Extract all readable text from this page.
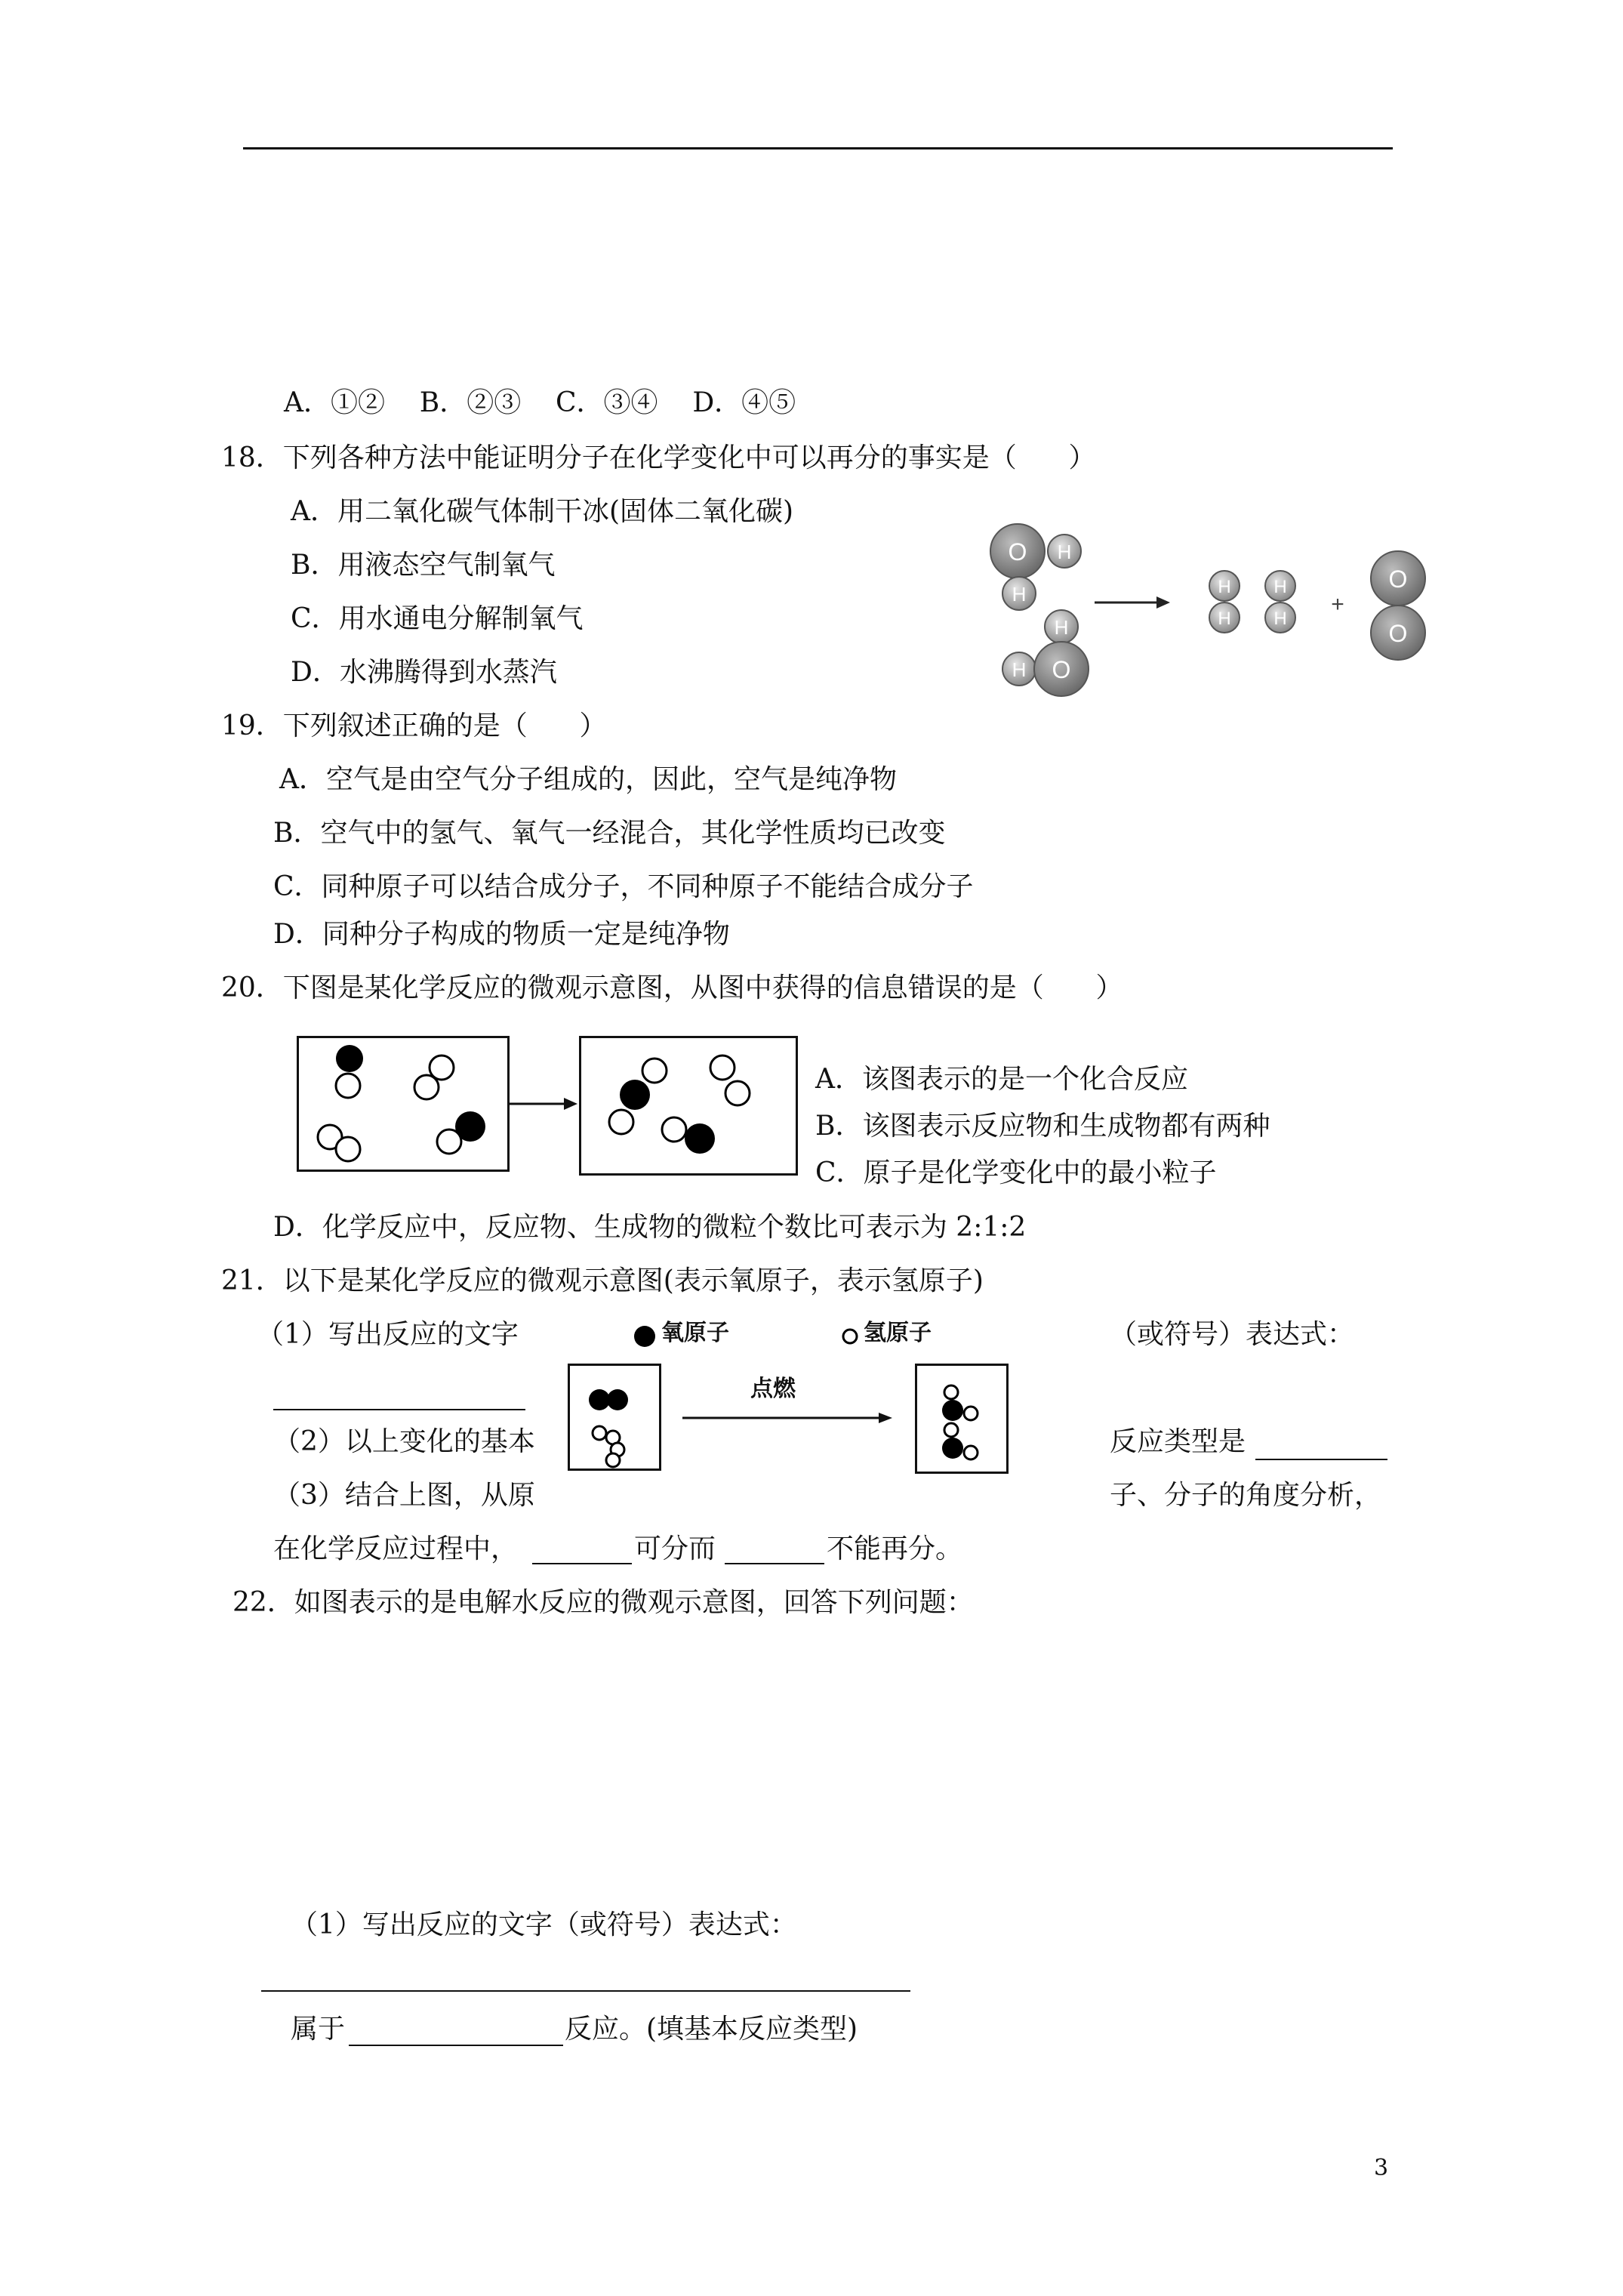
A．①②    B．②③    C．③④    D．④⑤
18．下列各种方法中能证明分子在化学变化中可以再分的事实是（      ）
A．用二氧化碳气体制干冰(固体二氧化碳)
B．用液态空气制氧气
C．用水通电分解制氧气
D．水沸腾得到水蒸汽
O H
H
H
H O
H
H
H
H
+
O
O
19．下列叙述正确的是（      ）
A．空气是由空气分子组成的，因此，空气是纯净物
B．空气中的氢气、氧气一经混合，其化学性质均已改变
C．同种原子可以结合成分子，不同种原子不能结合成分子
D．同种分子构成的物质一定是纯净物
20．下图是某化学反应的微观示意图，从图中获得的信息错误的是（      ）
A．该图表示的是一个化合反应
B．该图表示反应物和生成物都有两种
C．原子是化学变化中的最小粒子
D．化学反应中，反应物、生成物的微粒个数比可表示为 2:1:2
21．以下是某化学反应的微观示意图(表示氧原子，表示氢原子)
（1）写出反应的文字	（或符号）表达式：
（2）以上变化的基本	反应类型是
（3）结合上图，从原	子、分子的角度分析，
在化学反应过程中，	可分而	不能再分。
氧原子	氢原子
点燃
22．如图表示的是电解水反应的微观示意图，回答下列问题：
（1）写出反应的文字（或符号）表达式：
属于	反应。(填基本反应类型)
3
